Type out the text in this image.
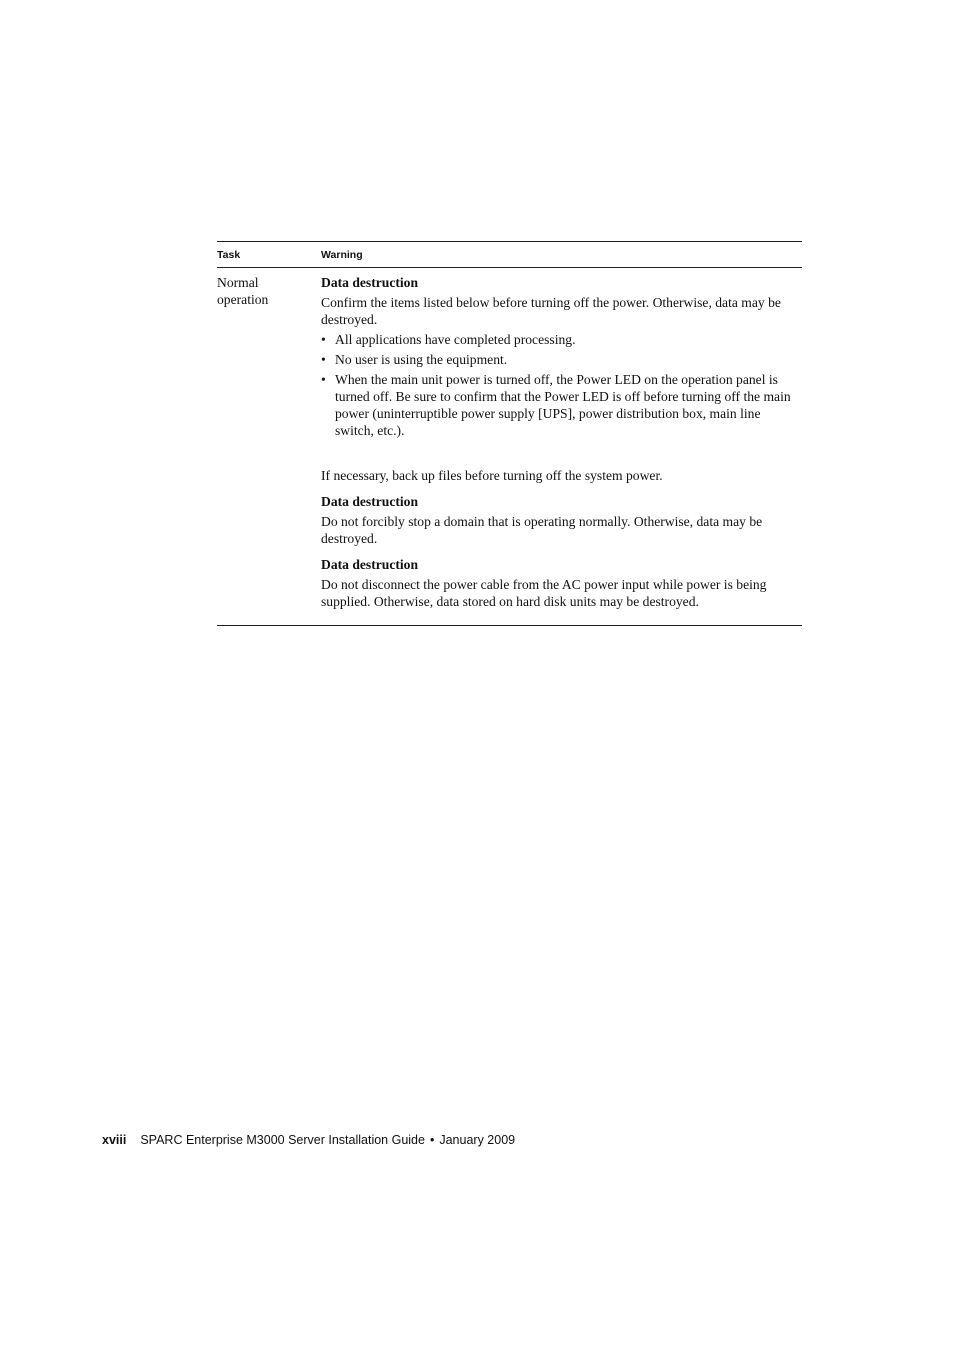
Task	Warning
Normal
operation

Data destruction

Confirm the items listed below before turning off the power. Otherwise, data may be destroyed.

• All applications have completed processing.
• No user is using the equipment.
• When the main unit power is turned off, the Power LED on the operation panel is turned off. Be sure to confirm that the Power LED is off before turning off the main power (uninterruptible power supply [UPS], power distribution box, main line switch, etc.).

If necessary, back up files before turning off the system power.

Data destruction

Do not forcibly stop a domain that is operating normally. Otherwise, data may be destroyed.

Data destruction

Do not disconnect the power cable from the AC power input while power is being supplied. Otherwise, data stored on hard disk units may be destroyed.

xviii SPARC Enterprise M3000 Server Installation Guide • January 2009
